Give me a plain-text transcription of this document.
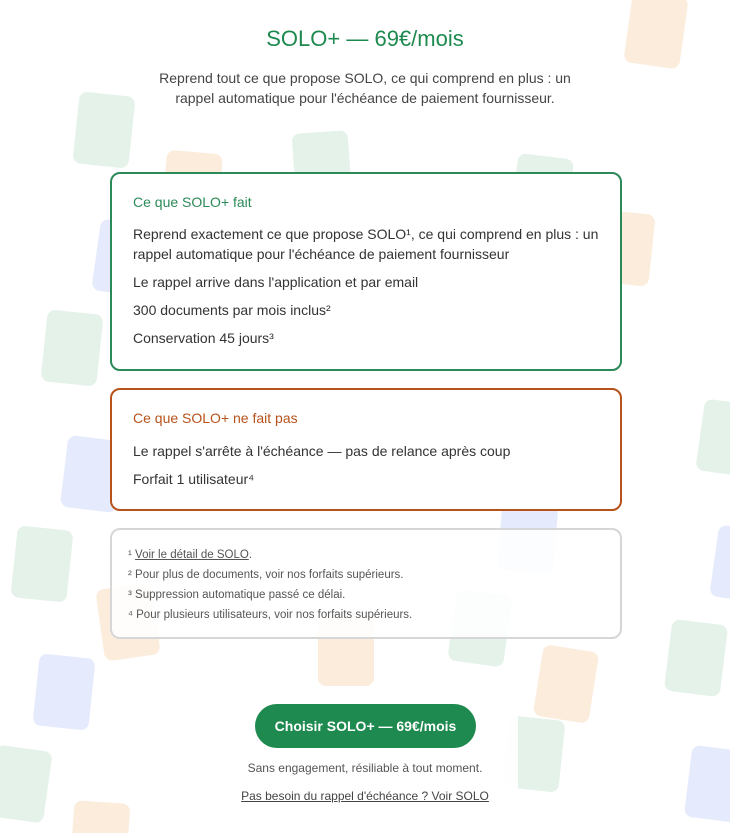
SOLO+ — 69€/mois

Reprend tout ce que propose SOLO, ce qui comprend en plus : un rappel automatique pour l'échéance de paiement fournisseur.

Ce que SOLO+ fait
Reprend exactement ce que propose SOLO¹, ce qui comprend en plus : un rappel automatique pour l'échéance de paiement fournisseur
Le rappel arrive dans l'application et par email
300 documents par mois inclus²
Conservation 45 jours³
Ce que SOLO+ ne fait pas
Le rappel s'arrête à l'échéance — pas de relance après coup
Forfait 1 utilisateur⁴
¹ Voir le détail de SOLO.
² Pour plus de documents, voir nos forfaits supérieurs.
³ Suppression automatique passé ce délai.
⁴ Pour plusieurs utilisateurs, voir nos forfaits supérieurs.
Choisir SOLO+ — 69€/mois
Sans engagement, résiliable à tout moment.
Pas besoin du rappel d'échéance ? Voir SOLO
